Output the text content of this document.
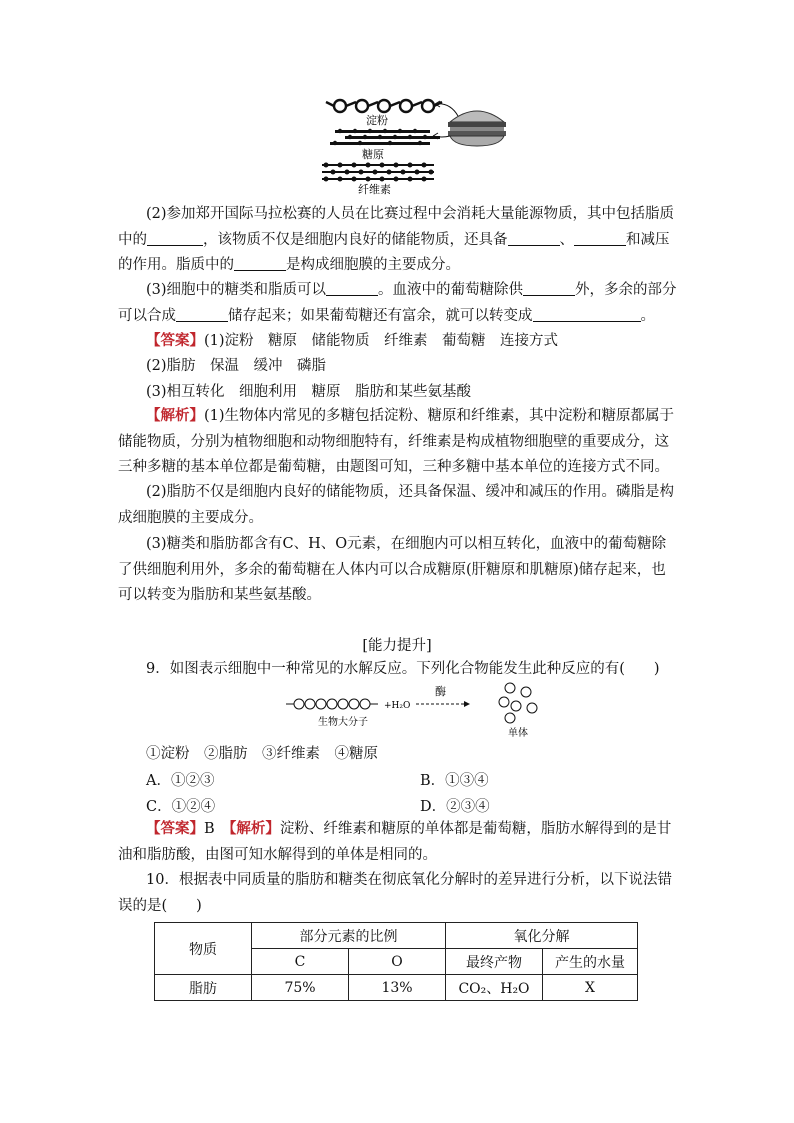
淀粉
糖原
纤维素

(2)参加郑开国际马拉松赛的人员在比赛过程中会消耗大量能源物质，其中包括脂质中的	，该物质不仅是细胞内良好的储能物质，还具备	、	和减压的作用。脂质中的	是构成细胞膜的主要成分。

(3)细胞中的糖类和脂质可以	。血液中的葡萄糖除供	外，多余的部分可以合成	储存起来；如果葡萄糖还有富余，就可以转变成	。

【答案】(1)淀粉　糖原　储能物质　纤维素　葡萄糖　连接方式
(2)脂肪　保温　缓冲　磷脂
(3)相互转化　细胞利用　糖原　脂肪和某些氨基酸

【解析】(1)生物体内常见的多糖包括淀粉、糖原和纤维素，其中淀粉和糖原都属于储能物质，分别为植物细胞和动物细胞特有，纤维素是构成植物细胞壁的重要成分，这三种多糖的基本单位都是葡萄糖，由题图可知，三种多糖中基本单位的连接方式不同。

(2)脂肪不仅是细胞内良好的储能物质，还具备保温、缓冲和减压的作用。磷脂是构成细胞膜的主要成分。

(3)糖类和脂肪都含有C、H、O元素，在细胞内可以相互转化，血液中的葡萄糖除了供细胞利用外，多余的葡萄糖在人体内可以合成糖原(肝糖原和肌糖原)储存起来，也可以转变为脂肪和某些氨基酸。

[能力提升]
9．如图表示细胞中一种常见的水解反应。下列化合物能发生此种反应的有(　　)
生物大分子
+H₂O
酶
单体
①淀粉　②脂肪　③纤维素　④糖原
A．①②③	B．①③④
C．①②④	D．②③④

【答案】B　 【解析】淀粉、纤维素和糖原的单体都是葡萄糖，脂肪水解得到的是甘油和脂肪酸，由图可知水解得到的单体是相同的。

10．根据表中同质量的脂肪和糖类在彻底氧化分解时的差异进行分析，以下说法错误的是(　　)

物质	部分元素的比例		氧化分解	
	C	O	最终产物	产生的水量
脂肪	75%	13%	CO₂、H₂O	X
